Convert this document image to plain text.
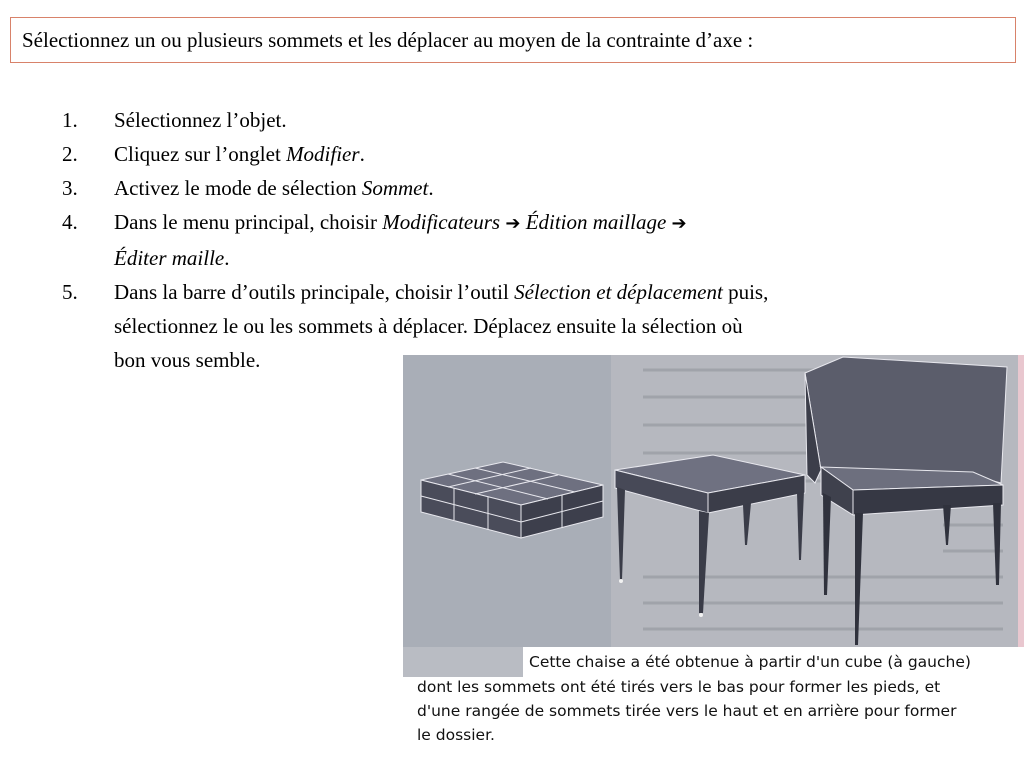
Sélectionnez un ou plusieurs sommets et les déplacer au moyen de la contrainte d’axe :
1. Sélectionnez l’objet.
2. Cliquez sur l’onglet Modifier.
3. Activez le mode de sélection Sommet.
4. Dans le menu principal, choisir Modificateurs ➔ Édition maillage ➔
Éditer maille.
5. Dans la barre d’outils principale, choisir l’outil Sélection et déplacement puis,
sélectionnez le ou les sommets à déplacer. Déplacez ensuite la sélection où
bon vous semble.
Cette chaise a été obtenue à partir d'un cube (à gauche)
dont les sommets ont été tirés vers le bas pour former les pieds, et
d'une rangée de sommets tirée vers le haut et en arrière pour former
le dossier.
